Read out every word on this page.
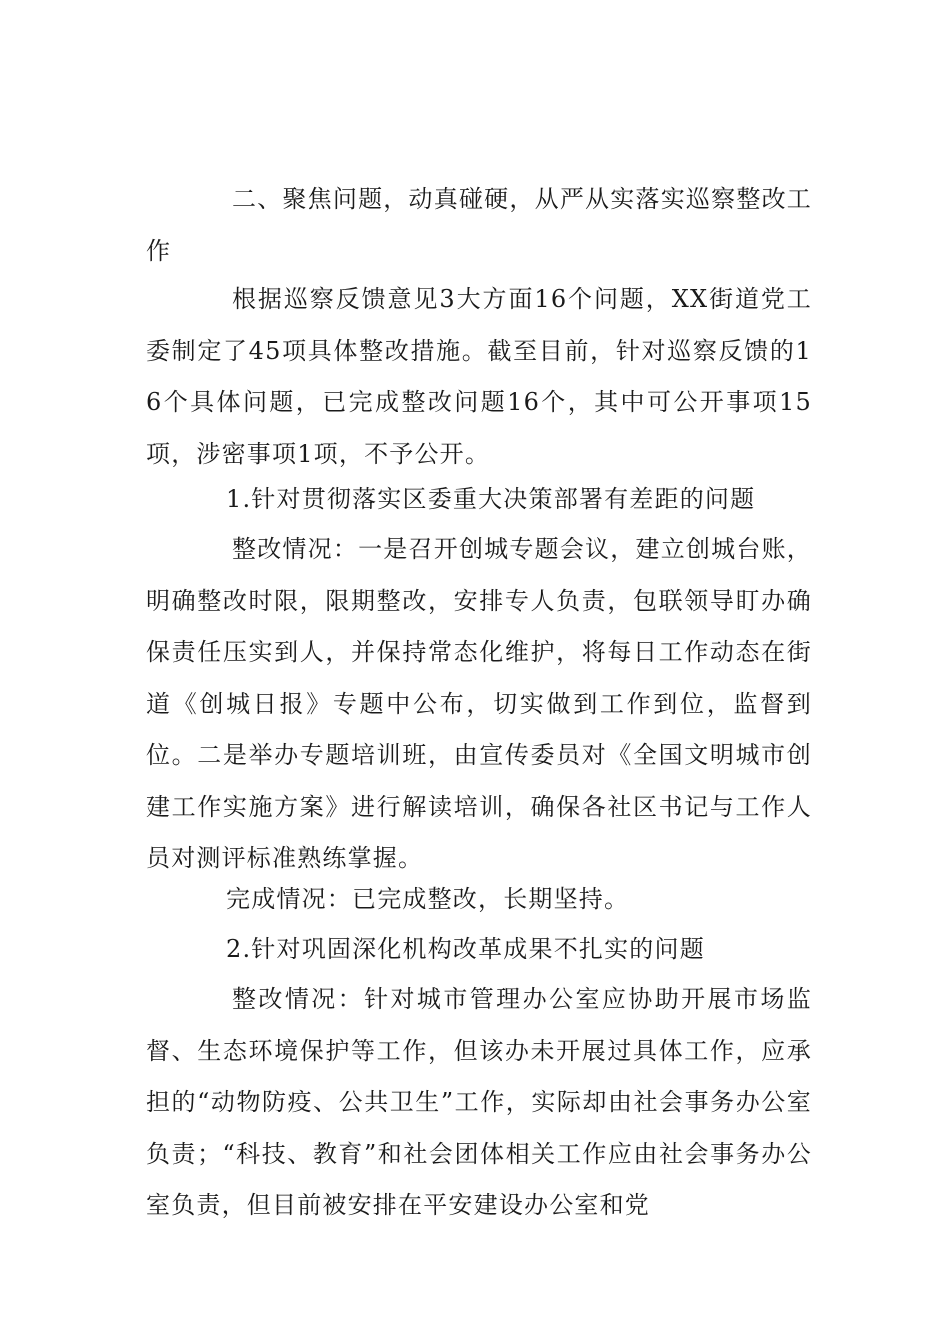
二、聚焦问题，动真碰硬，从严从实落实巡察整改工作

根据巡察反馈意见3大方面16个问题，XX街道党工委制定了45项具体整改措施。截至目前，针对巡察反馈的16个具体问题，已完成整改问题16个，其中可公开事项15项，涉密事项1项，不予公开。

1.针对贯彻落实区委重大决策部署有差距的问题

整改情况：一是召开创城专题会议，建立创城台账，明确整改时限，限期整改，安排专人负责，包联领导盯办确保责任压实到人，并保持常态化维护，将每日工作动态在街道《创城日报》专题中公布，切实做到工作到位，监督到位。二是举办专题培训班，由宣传委员对《全国文明城市创建工作实施方案》进行解读培训，确保各社区书记与工作人员对测评标准熟练掌握。

完成情况：已完成整改，长期坚持。

2.针对巩固深化机构改革成果不扎实的问题

整改情况：针对城市管理办公室应协助开展市场监督、生态环境保护等工作，但该办未开展过具体工作，应承担的“动物防疫、公共卫生”工作，实际却由社会事务办公室负责；“科技、教育”和社会团体相关工作应由社会事务办公室负责，但目前被安排在平安建设办公室和党
